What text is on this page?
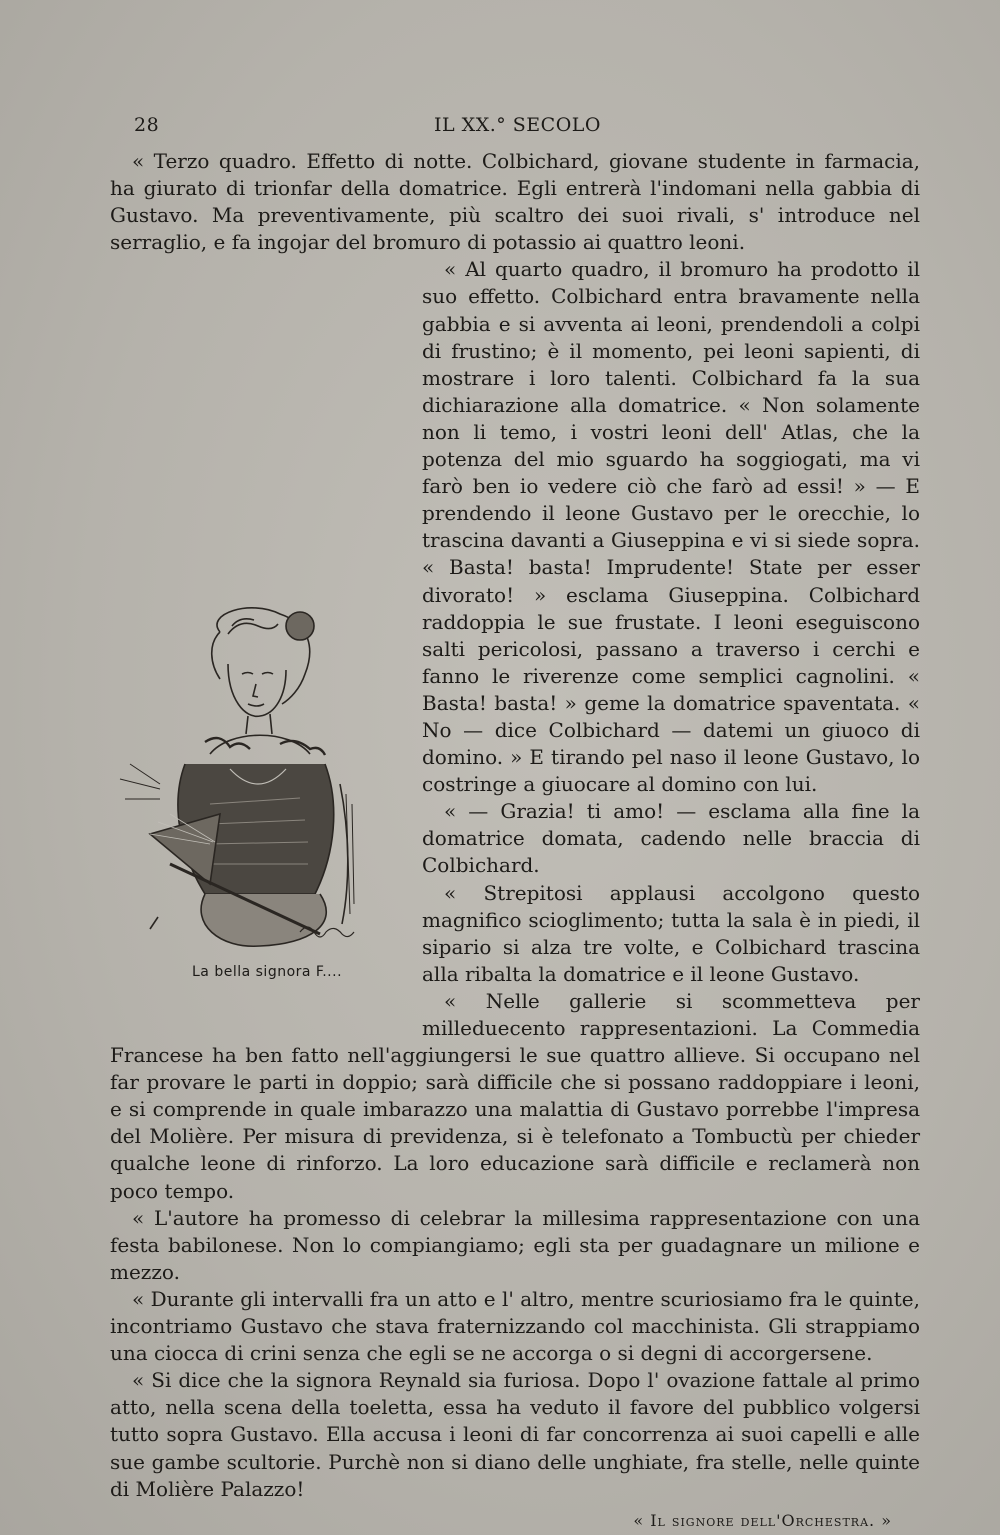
28	IL XX.° SECOLO

« Terzo quadro. Effetto di notte. Colbichard, giovane studente in farmacia, ha giurato di trionfar della domatrice. Egli entrerà l'indomani nella gabbia di Gustavo. Ma preventivamente, più scaltro dei suoi rivali, s' introduce nel serraglio, e fa ingojar del bromuro di potassio ai quattro leoni.

La bella signora F....
« Al quarto quadro, il bromuro ha prodotto il suo effetto. Colbichard entra bravamente nella gabbia e si avventa ai leoni, prendendoli a colpi di frustino; è il momento, pei leoni sapienti, di mostrare i loro talenti. Colbichard fa la sua dichiarazione alla domatrice. « Non solamente non li temo, i vostri leoni dell' Atlas, che la potenza del mio sguardo ha soggiogati, ma vi farò ben io vedere ciò che farò ad essi! » — E prendendo il leone Gustavo per le orecchie, lo trascina davanti a Giuseppina e vi si siede sopra. « Basta! basta! Imprudente! State per esser divorato! » esclama Giuseppina. Colbichard raddoppia le sue frustate. I leoni eseguiscono salti pericolosi, passano a traverso i cerchi e fanno le riverenze come semplici cagnolini. « Basta! basta! » geme la domatrice spaventata. « No — dice Colbichard — datemi un giuoco di domino. » E tirando pel naso il leone Gustavo, lo costringe a giuocare al domino con lui.

« — Grazia! ti amo! — esclama alla fine la domatrice domata, cadendo nelle braccia di Colbichard.

« Strepitosi applausi accolgono questo magnifico scioglimento; tutta la sala è in piedi, il sipario si alza tre volte, e Colbichard trascina alla ribalta la domatrice e il leone Gustavo.

« Nelle gallerie si scommetteva per milleduecento rappresentazioni. La Commedia Francese ha ben fatto nell'aggiungersi le sue quattro allieve. Si occupano nel far provare le parti in doppio; sarà difficile che si possano raddoppiare i leoni, e si comprende in quale imbarazzo una malattia di Gustavo porrebbe l'impresa del Molière. Per misura di previdenza, si è telefonato a Tombuctù per chieder qualche leone di rinforzo. La loro educazione sarà difficile e reclamerà non poco tempo.

« L'autore ha promesso di celebrar la millesima rappresentazione con una festa babilonese. Non lo compiangiamo; egli sta per guadagnare un milione e mezzo.

« Durante gli intervalli fra un atto e l' altro, mentre scuriosiamo fra le quinte, incontriamo Gustavo che stava fraternizzando col macchinista. Gli strappiamo una ciocca di crini senza che egli se ne accorga o si degni di accorgersene.

« Si dice che la signora Reynald sia furiosa. Dopo l' ovazione fattale al primo atto, nella scena della toeletta, essa ha veduto il favore del pubblico volgersi tutto sopra Gustavo. Ella accusa i leoni di far concorrenza ai suoi capelli e alle sue gambe scultorie. Purchè non si diano delle unghiate, fra stelle, nelle quinte di Molière Palazzo!

« Il signore dell'Orchestra. »
